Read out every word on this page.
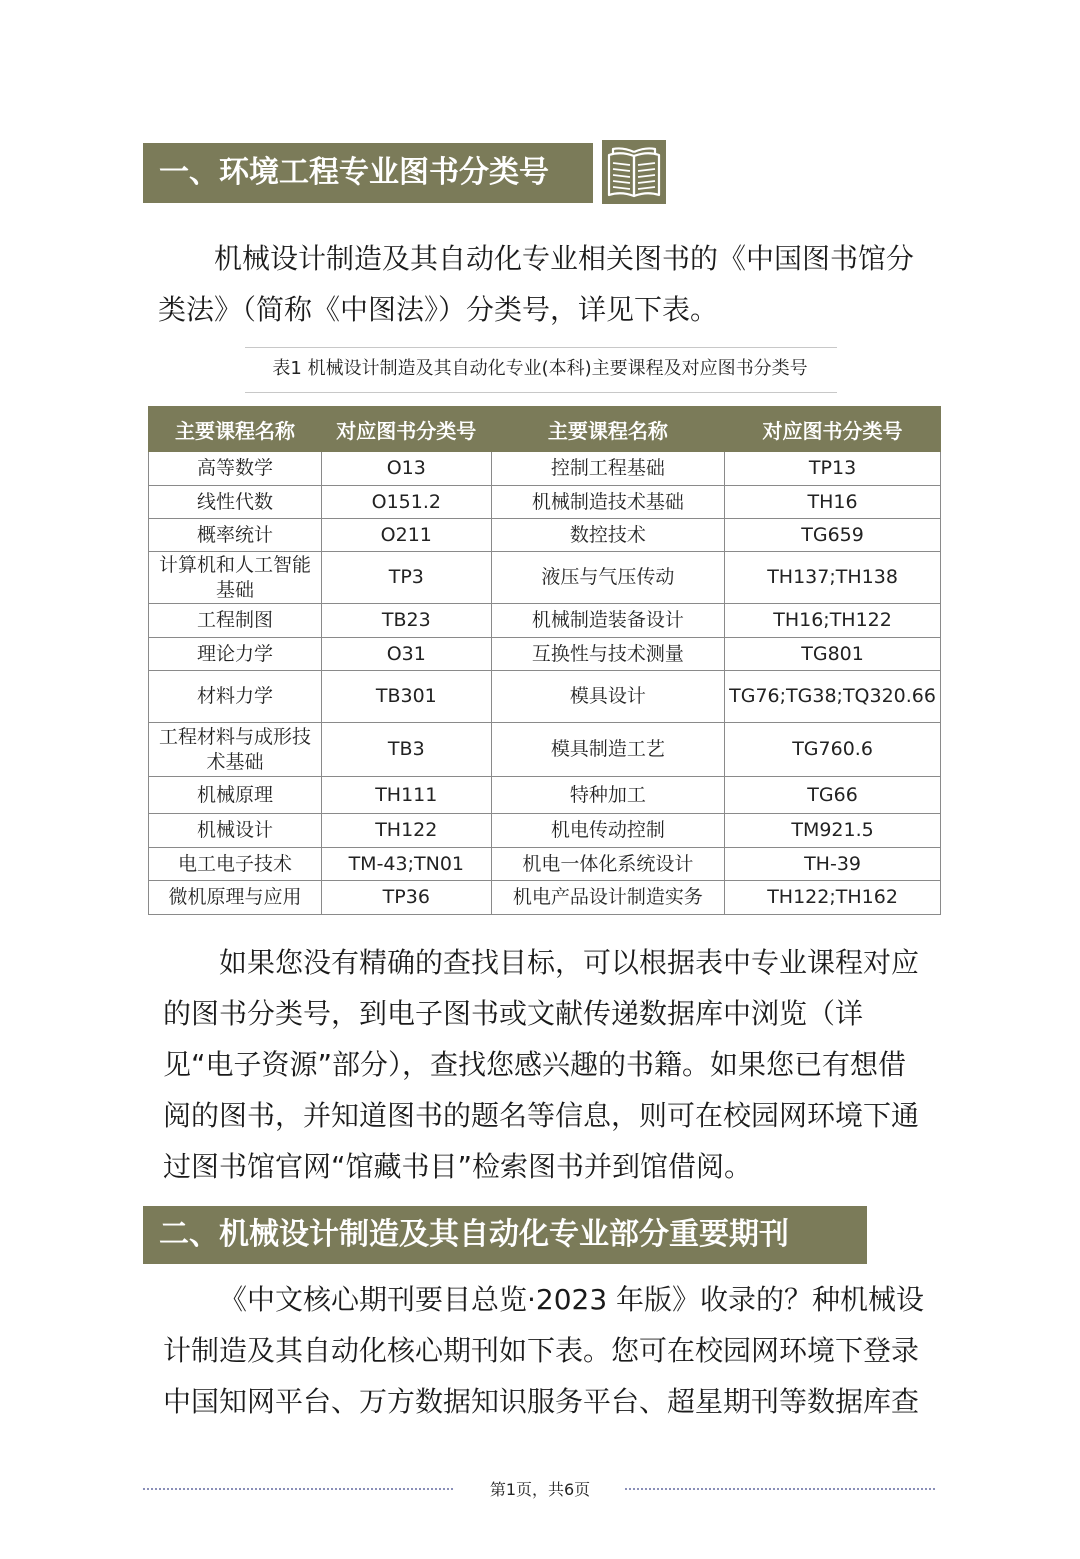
一、环境工程专业图书分类号

机械设计制造及其自动化专业相关图书的《中国图书馆分类法》（简称《中图法》）分类号，详见下表。

表1 机械设计制造及其自动化专业(本科)主要课程及对应图书分类号
主要课程名称	对应图书分类号	主要课程名称	对应图书分类号
高等数学	O13	控制工程基础	TP13
线性代数	O151.2	机械制造技术基础	TH16
概率统计	O211	数控技术	TG659
计算机和人工智能基础	TP3	液压与气压传动	TH137;TH138
工程制图	TB23	机械制造装备设计	TH16;TH122
理论力学	O31	互换性与技术测量	TG801
材料力学	TB301	模具设计	TG76;TG38;TQ320.66
工程材料与成形技术基础	TB3	模具制造工艺	TG760.6
机械原理	TH111	特种加工	TG66
机械设计	TH122	机电传动控制	TM921.5
电工电子技术	TM-43;TN01	机电一体化系统设计	TH-39
微机原理与应用	TP36	机电产品设计制造实务	TH122;TH162

如果您没有精确的查找目标，可以根据表中专业课程对应的图书分类号，到电子图书或文献传递数据库中浏览（详见“电子资源”部分），查找您感兴趣的书籍。如果您已有想借阅的图书，并知道图书的题名等信息，则可在校园网环境下通过图书馆官网“馆藏书目”检索图书并到馆借阅。

二、机械设计制造及其自动化专业部分重要期刊

《中文核心期刊要目总览·2023 年版》收录的？种机械设计制造及其自动化核心期刊如下表。您可在校园网环境下登录中国知网平台、万方数据知识服务平台、超星期刊等数据库查

第1页，共6页
